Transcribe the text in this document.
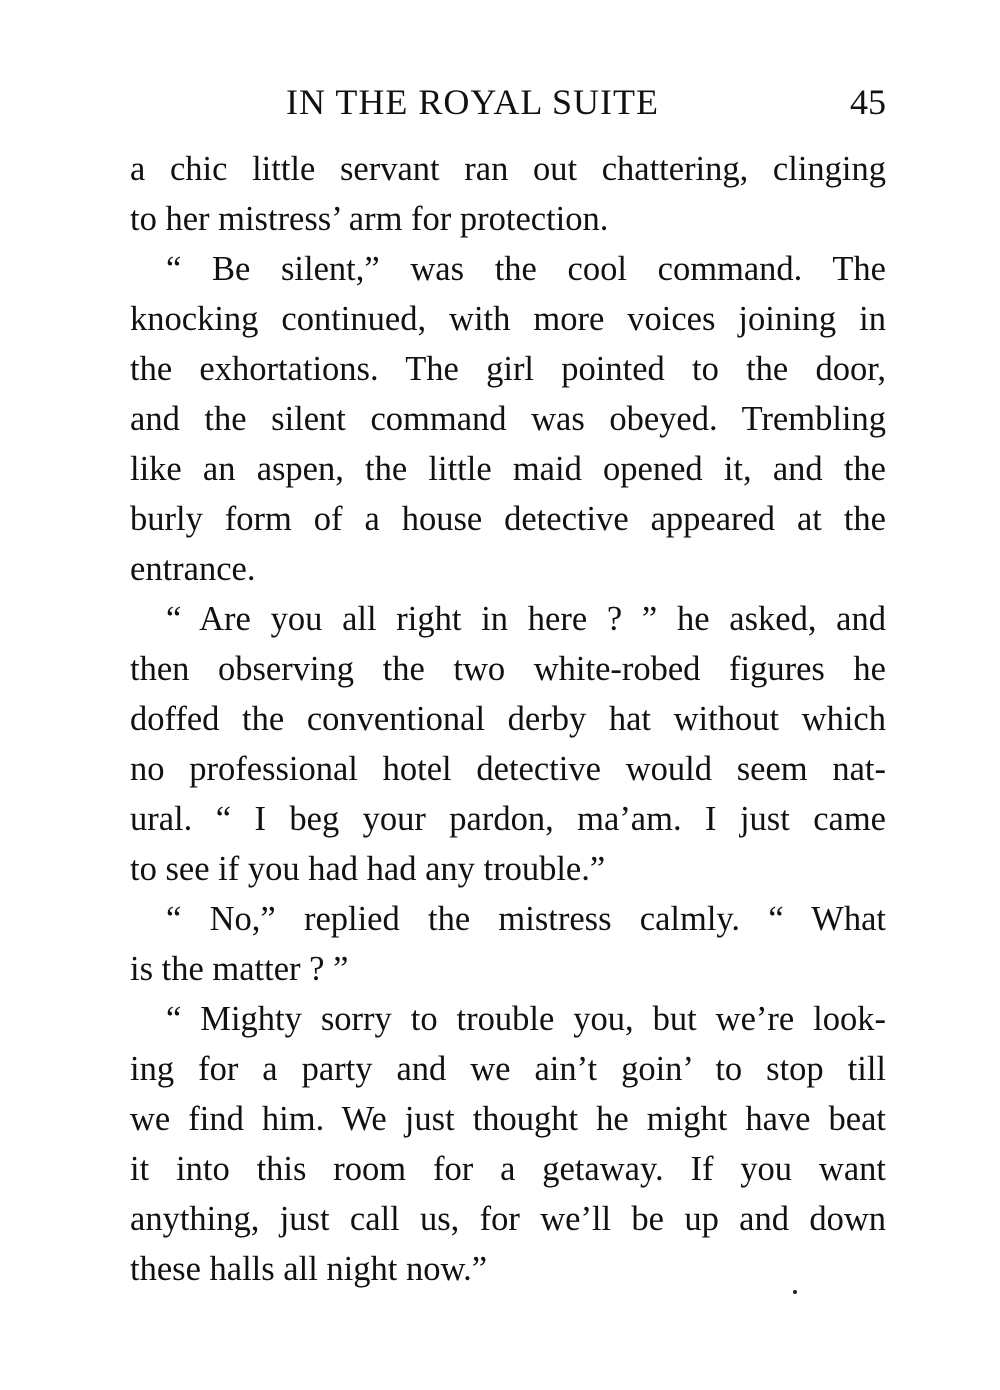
IN THE ROYAL SUITE	45
a chic little servant ran out chattering, clinging
to her mistress’ arm for protection.
“ Be silent,” was the cool command. The
knocking continued, with more voices joining in
the exhortations. The girl pointed to the door,
and the silent command was obeyed. Trembling
like an aspen, the little maid opened it, and the
burly form of a house detective appeared at the
entrance.
“ Are you all right in here ? ” he asked, and
then observing the two white-robed figures he
doffed the conventional derby hat without which
no professional hotel detective would seem nat-
ural. “ I beg your pardon, ma’am. I just came
to see if you had had any trouble.”
“ No,” replied the mistress calmly. “ What
is the matter ? ”
“ Mighty sorry to trouble you, but we’re look-
ing for a party and we ain’t goin’ to stop till
we find him. We just thought he might have beat
it into this room for a getaway. If you want
anything, just call us, for we’ll be up and down
these halls all night now.”
